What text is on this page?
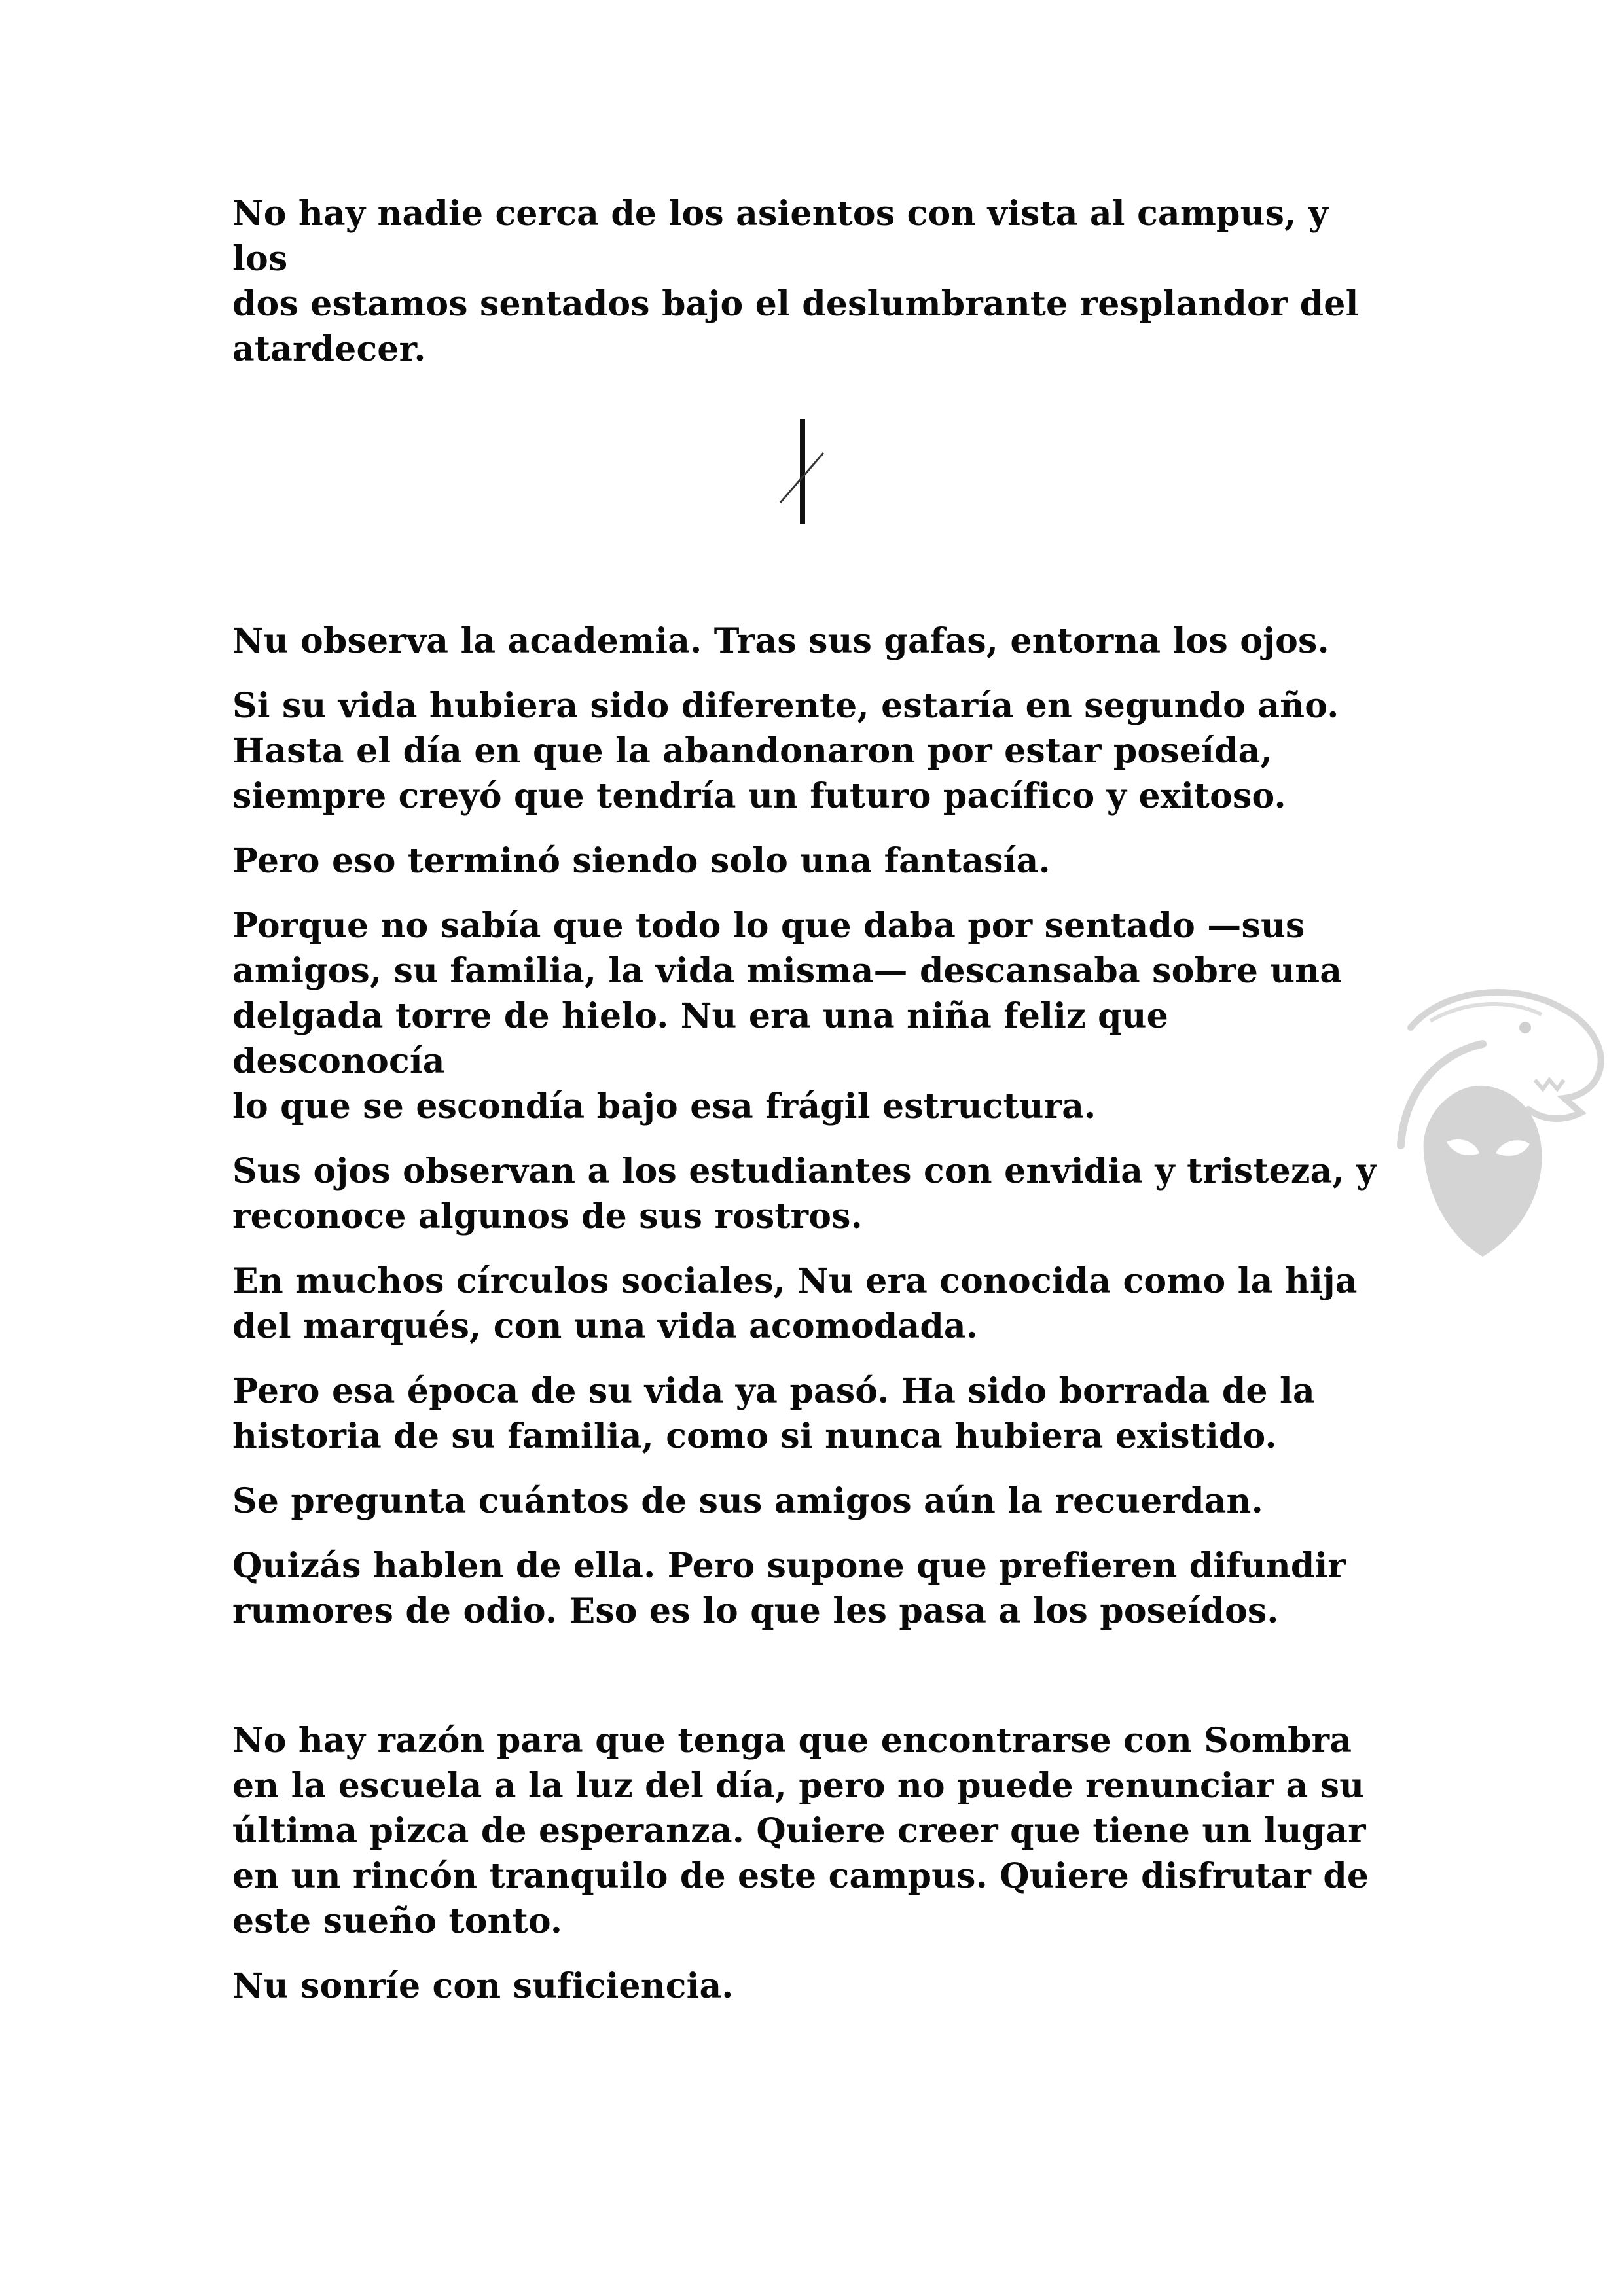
No hay nadie cerca de los asientos con vista al campus, y los
dos estamos sentados bajo el deslumbrante resplandor del
atardecer.

Nu observa la academia. Tras sus gafas, entorna los ojos.

Si su vida hubiera sido diferente, estaría en segundo año.
Hasta el día en que la abandonaron por estar poseída,
siempre creyó que tendría un futuro pacífico y exitoso.

Pero eso terminó siendo solo una fantasía.

Porque no sabía que todo lo que daba por sentado —sus
amigos, su familia, la vida misma— descansaba sobre una
delgada torre de hielo. Nu era una niña feliz que desconocía
lo que se escondía bajo esa frágil estructura.

Sus ojos observan a los estudiantes con envidia y tristeza, y
reconoce algunos de sus rostros.

En muchos círculos sociales, Nu era conocida como la hija
del marqués, con una vida acomodada.

Pero esa época de su vida ya pasó. Ha sido borrada de la
historia de su familia, como si nunca hubiera existido.

Se pregunta cuántos de sus amigos aún la recuerdan.

Quizás hablen de ella. Pero supone que prefieren difundir
rumores de odio. Eso es lo que les pasa a los poseídos.

No hay razón para que tenga que encontrarse con Sombra
en la escuela a la luz del día, pero no puede renunciar a su
última pizca de esperanza. Quiere creer que tiene un lugar
en un rincón tranquilo de este campus. Quiere disfrutar de
este sueño tonto.

Nu sonríe con suficiencia.
